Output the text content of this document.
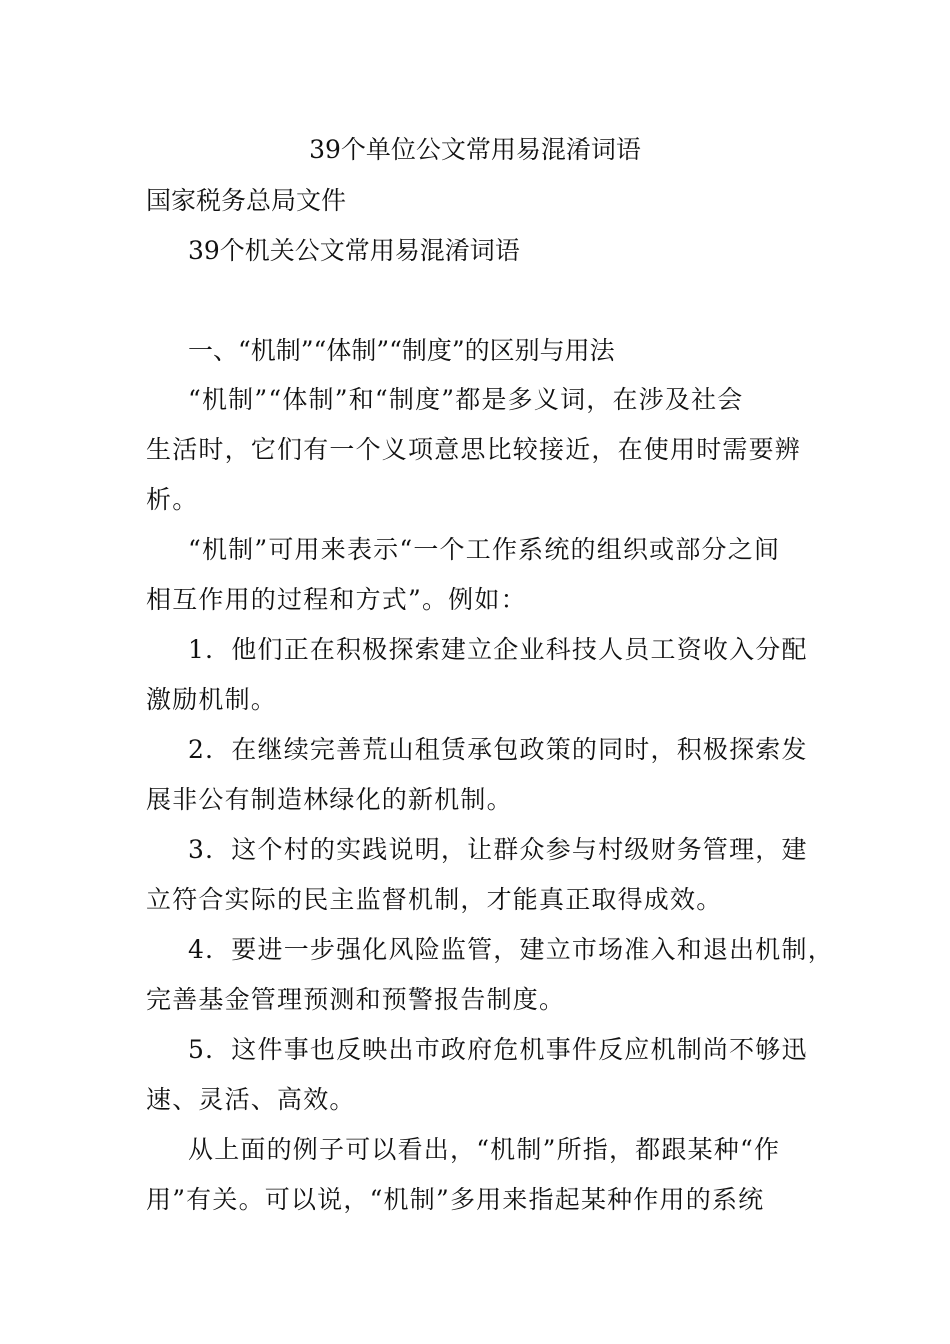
39个单位公文常用易混淆词语

国家税务总局文件

39个机关公文常用易混淆词语

一、“机制”“体制”“制度”的区别与用法

“机制”“体制”和“制度”都是多义词，在涉及社会

生活时，它们有一个义项意思比较接近，在使用时需要辨

析。

“机制”可用来表示“一个工作系统的组织或部分之间

相互作用的过程和方式”。例如：

1．他们正在积极探索建立企业科技人员工资收入分配

激励机制。

2．在继续完善荒山租赁承包政策的同时，积极探索发

展非公有制造林绿化的新机制。

3．这个村的实践说明，让群众参与村级财务管理，建

立符合实际的民主监督机制，才能真正取得成效。

4．要进一步强化风险监管，建立市场准入和退出机制，

完善基金管理预测和预警报告制度。

5．这件事也反映出市政府危机事件反应机制尚不够迅

速、灵活、高效。

从上面的例子可以看出，“机制”所指，都跟某种“作

用”有关。可以说，“机制”多用来指起某种作用的系统
